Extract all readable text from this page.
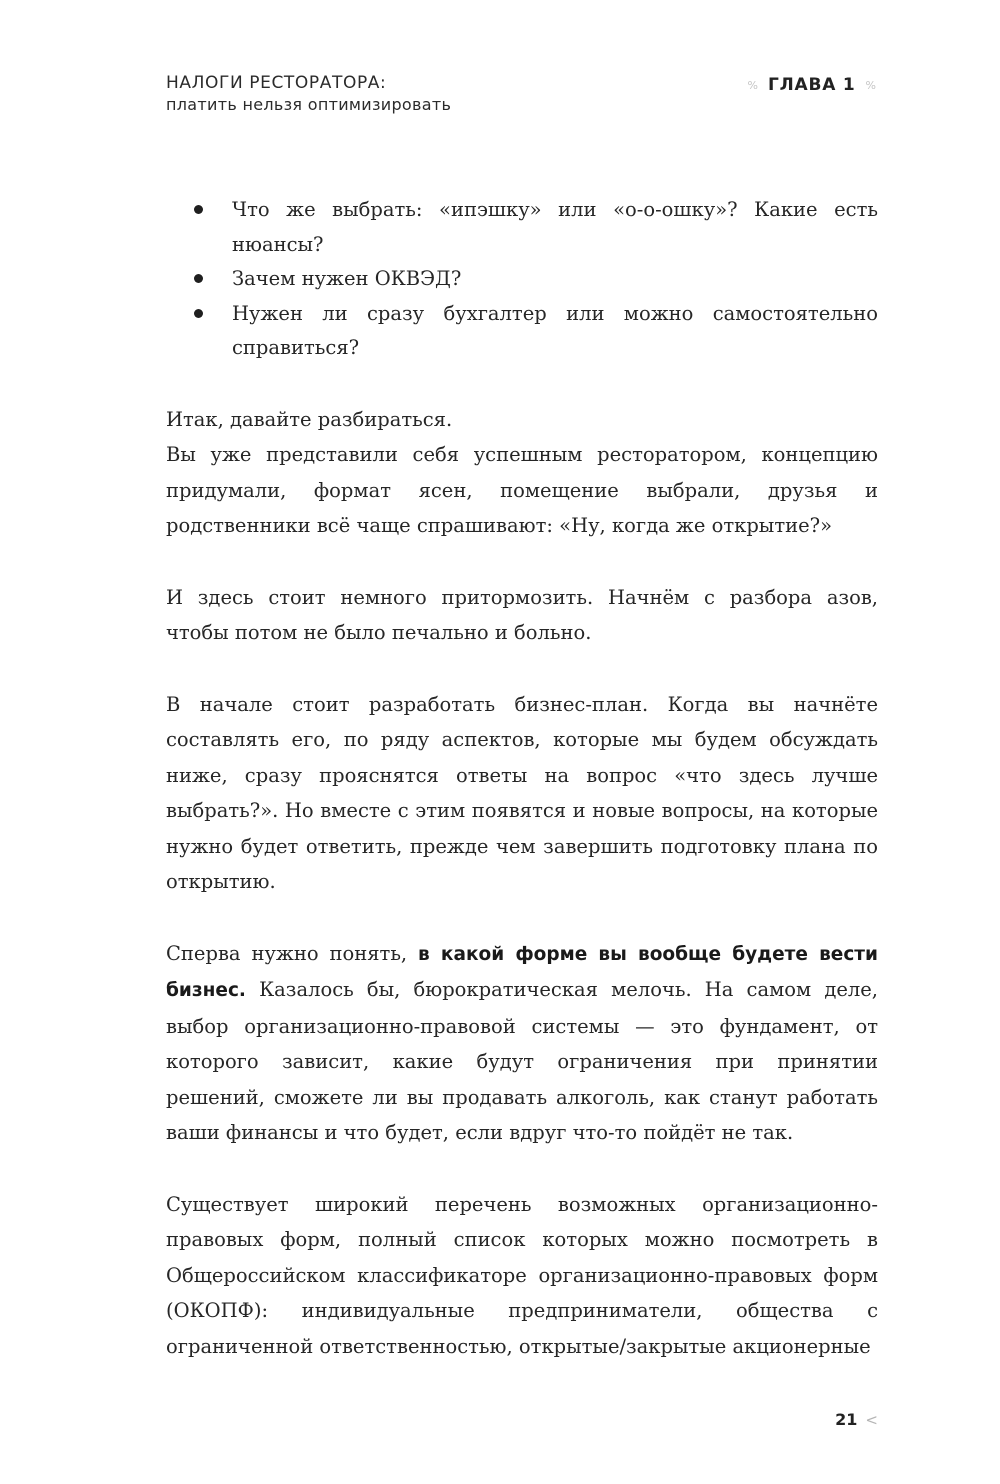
НАЛОГИ РЕСТОРАТОРА:
платить нельзя оптимизировать
% ГЛАВА 1 %
Что же выбрать: «ипэшку» или «о-о-ошку»? Какие есть нюансы?
Зачем нужен ОКВЭД?
Нужен ли сразу бухгалтер или можно самостоятельно справиться?

Итак, давайте разбираться.

Вы уже представили себя успешным ресторатором, концепцию придумали, формат ясен, помещение выбрали, друзья и родственники всё чаще спрашивают: «Ну, когда же открытие?»

И здесь стоит немного притормозить. Начнём с разбора азов, чтобы потом не было печально и больно.

В начале стоит разработать бизнес-план. Когда вы начнёте составлять его, по ряду аспектов, которые мы будем обсуждать ниже, сразу прояснятся ответы на вопрос «что здесь лучше выбрать?». Но вместе с этим появятся и новые вопросы, на которые нужно будет ответить, прежде чем завершить подготовку плана по открытию.

Сперва нужно понять, в какой форме вы вообще будете вести бизнес. Казалось бы, бюрократическая мелочь. На самом деле, выбор организационно-правовой системы — это фундамент, от которого зависит, какие будут ограничения при принятии решений, сможете ли вы продавать алкоголь, как станут работать ваши финансы и что будет, если вдруг что-то пойдёт не так.

Существует широкий перечень возможных организационно-правовых форм, полный список которых можно посмотреть в Общероссийском классификаторе организационно-правовых форм (ОКОПФ): индивидуальные предприниматели, общества с ограниченной ответственностью, открытые/закрытые акционерные

21 <
